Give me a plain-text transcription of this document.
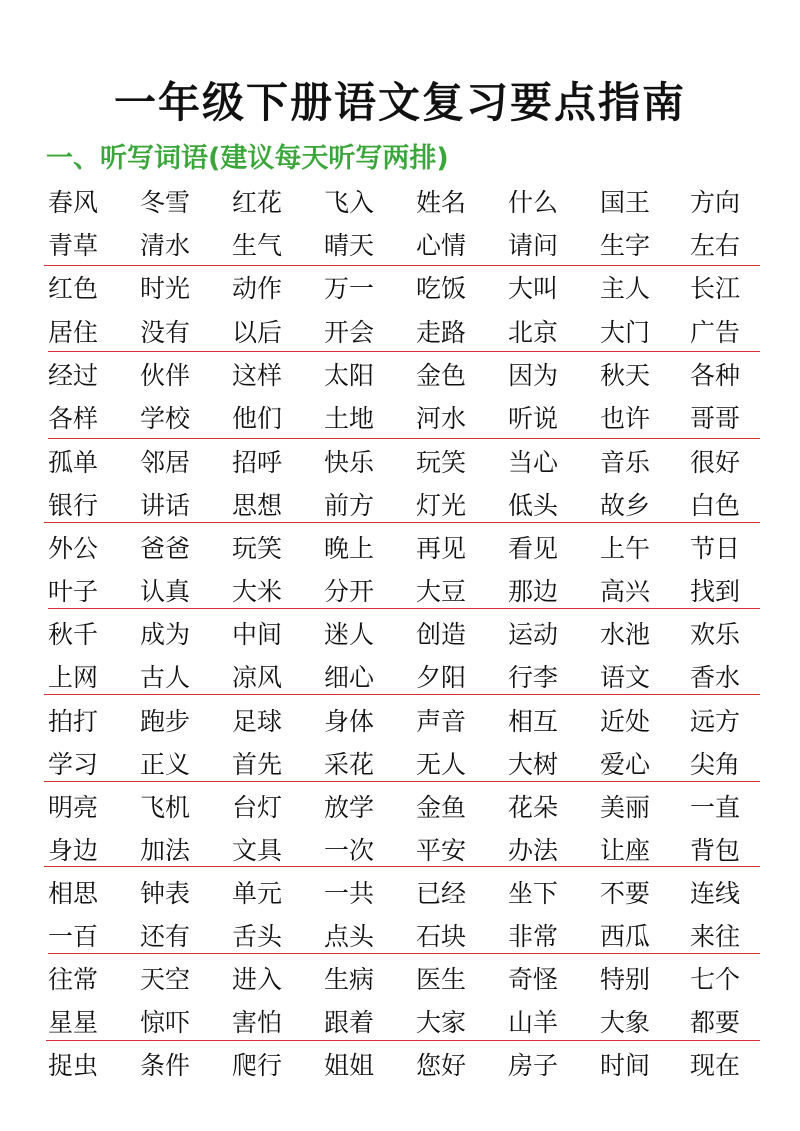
一年级下册语文复习要点指南
一、听写词语(建议每天听写两排)
春风	冬雪	红花	飞入	姓名	什么	国王	方向
青草	清水	生气	晴天	心情	请问	生字	左右
红色	时光	动作	万一	吃饭	大叫	主人	长江
居住	没有	以后	开会	走路	北京	大门	广告
经过	伙伴	这样	太阳	金色	因为	秋天	各种
各样	学校	他们	土地	河水	听说	也许	哥哥
孤单	邻居	招呼	快乐	玩笑	当心	音乐	很好
银行	讲话	思想	前方	灯光	低头	故乡	白色
外公	爸爸	玩笑	晚上	再见	看见	上午	节日
叶子	认真	大米	分开	大豆	那边	高兴	找到
秋千	成为	中间	迷人	创造	运动	水池	欢乐
上网	古人	凉风	细心	夕阳	行李	语文	香水
拍打	跑步	足球	身体	声音	相互	近处	远方
学习	正义	首先	采花	无人	大树	爱心	尖角
明亮	飞机	台灯	放学	金鱼	花朵	美丽	一直
身边	加法	文具	一次	平安	办法	让座	背包
相思	钟表	单元	一共	已经	坐下	不要	连线
一百	还有	舌头	点头	石块	非常	西瓜	来往
往常	天空	进入	生病	医生	奇怪	特别	七个
星星	惊吓	害怕	跟着	大家	山羊	大象	都要
捉虫	条件	爬行	姐姐	您好	房子	时间	现在
